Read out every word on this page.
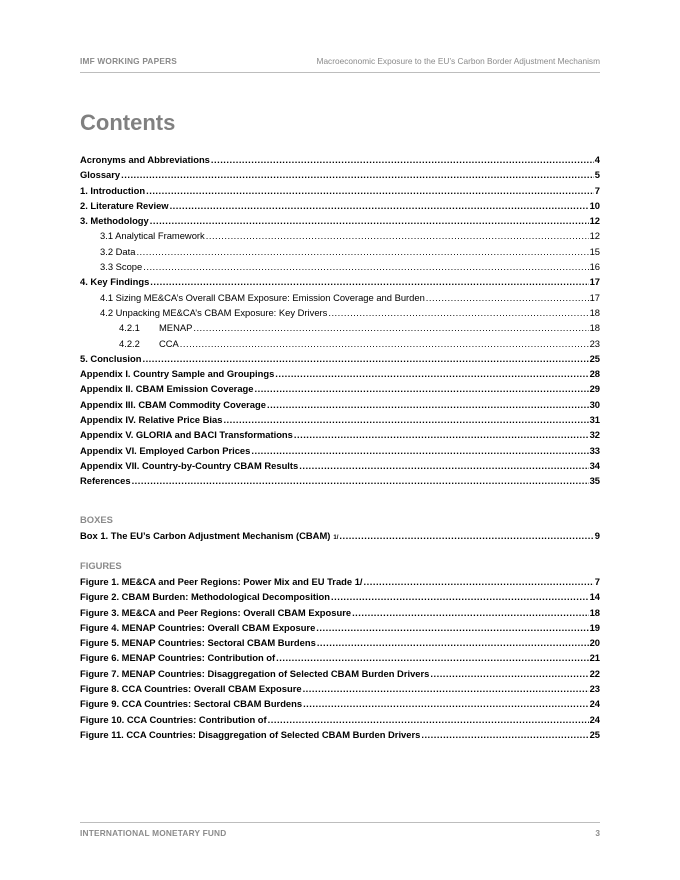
IMF WORKING PAPERS	Macroeconomic Exposure to the EU’s Carbon Border Adjustment Mechanism
Contents
Acronyms and Abbreviations .....	4
Glossary .....	5
1. Introduction .....	7
2. Literature Review .....	10
3. Methodology .....	12
3.1 Analytical Framework .....	12
3.2 Data .....	15
3.3 Scope .....	16
4. Key Findings .....	17
4.1 Sizing ME&CA’s Overall CBAM Exposure: Emission Coverage and Burden .....	17
4.2 Unpacking ME&CA’s CBAM Exposure: Key Drivers .....	18
4.2.1	MENAP .....	18
4.2.2	CCA .....	23
5. Conclusion .....	25
Appendix I. Country Sample and Groupings .....	28
Appendix II. CBAM Emission Coverage .....	29
Appendix III. CBAM Commodity Coverage .....	30
Appendix IV. Relative Price Bias .....	31
Appendix V. GLORIA and BACI Transformations .....	32
Appendix VI. Employed Carbon Prices .....	33
Appendix VII. Country-by-Country CBAM Results .....	34
References .....	35
BOXES
Box 1. The EU’s Carbon Adjustment Mechanism (CBAM) 1/ .....	9
FIGURES
Figure 1. ME&CA and Peer Regions: Power Mix and EU Trade 1/ .....	7
Figure 2. CBAM Burden: Methodological Decomposition .....	14
Figure 3. ME&CA and Peer Regions: Overall CBAM Exposure .....	18
Figure 4. MENAP Countries: Overall CBAM Exposure .....	19
Figure 5. MENAP Countries: Sectoral CBAM Burdens .....	20
Figure 6. MENAP Countries: Contribution of .....	21
Figure 7. MENAP Countries: Disaggregation of Selected CBAM Burden Drivers .....	22
Figure 8. CCA Countries: Overall CBAM Exposure .....	23
Figure 9. CCA Countries: Sectoral CBAM Burdens .....	24
Figure 10. CCA Countries: Contribution of .....	24
Figure 11. CCA Countries: Disaggregation of Selected CBAM Burden Drivers .....	25
INTERNATIONAL MONETARY FUND	3
